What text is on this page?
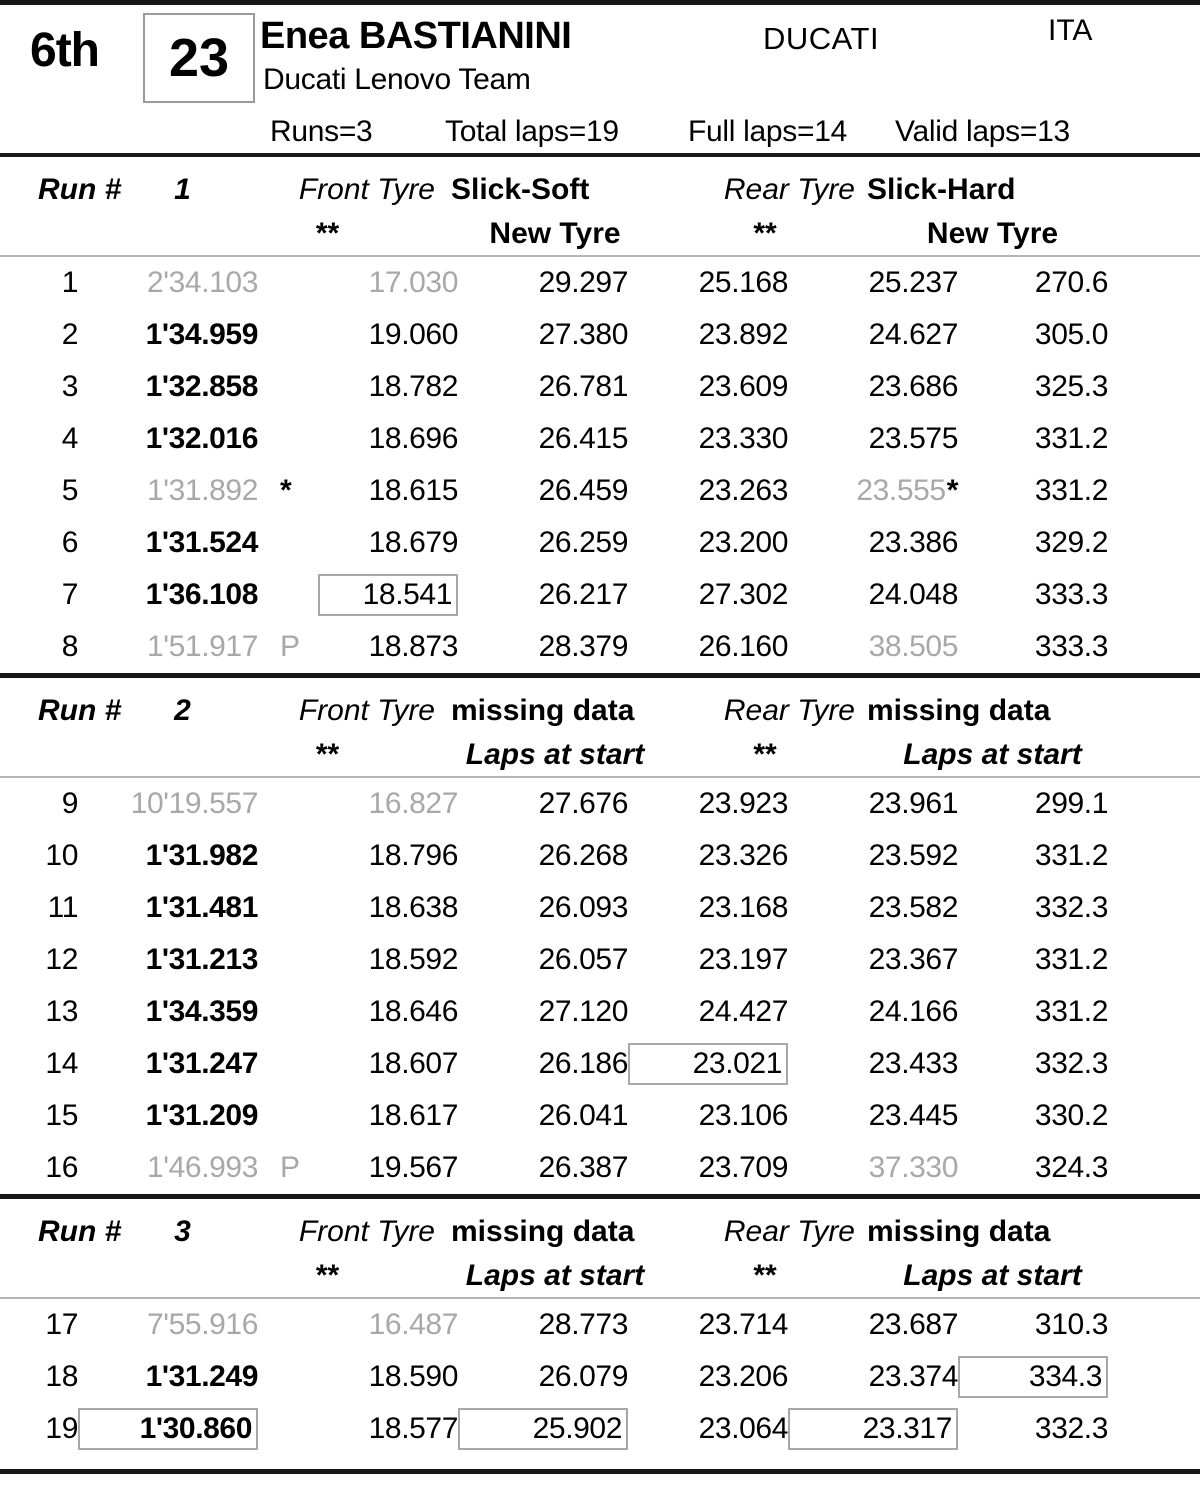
6th 23 Enea BASTIANINI
Ducati Lenovo Team
DUCATI	ITA
Runs=3 Total laps=19 Full laps=14 Valid laps=13
Run #	1	Front Tyre Slick-Soft	Rear Tyre Slick-Hard
**	New Tyre	**	New Tyre
1	2'34.103	17.030	29.297	25.168	25.237	270.6
2	1'34.959	19.060	27.380	23.892	24.627	305.0
3	1'32.858	18.782	26.781	23.609	23.686	325.3
4	1'32.016	18.696	26.415	23.330	23.575	331.2
5	1'31.892 *	18.615	26.459	23.263	23.555*	331.2
6	1'31.524	18.679	26.259	23.200	23.386	329.2
7	1'36.108	18.541	26.217	27.302	24.048	333.3
8	1'51.917 P	18.873	28.379	26.160	38.505	333.3
Run #	2	Front Tyre missing data	Rear Tyre missing data
**	Laps at start	**	Laps at start
9	10'19.557	16.827	27.676	23.923	23.961	299.1
10	1'31.982	18.796	26.268	23.326	23.592	331.2
11	1'31.481	18.638	26.093	23.168	23.582	332.3
12	1'31.213	18.592	26.057	23.197	23.367	331.2
13	1'34.359	18.646	27.120	24.427	24.166	331.2
14	1'31.247	18.607	26.186	23.021	23.433	332.3
15	1'31.209	18.617	26.041	23.106	23.445	330.2
16	1'46.993 P	19.567	26.387	23.709	37.330	324.3
Run #	3	Front Tyre missing data	Rear Tyre missing data
**	Laps at start	**	Laps at start
17	7'55.916	16.487	28.773	23.714	23.687	310.3
18	1'31.249	18.590	26.079	23.206	23.374	334.3
19	1'30.860	18.577	25.902	23.064	23.317	332.3
